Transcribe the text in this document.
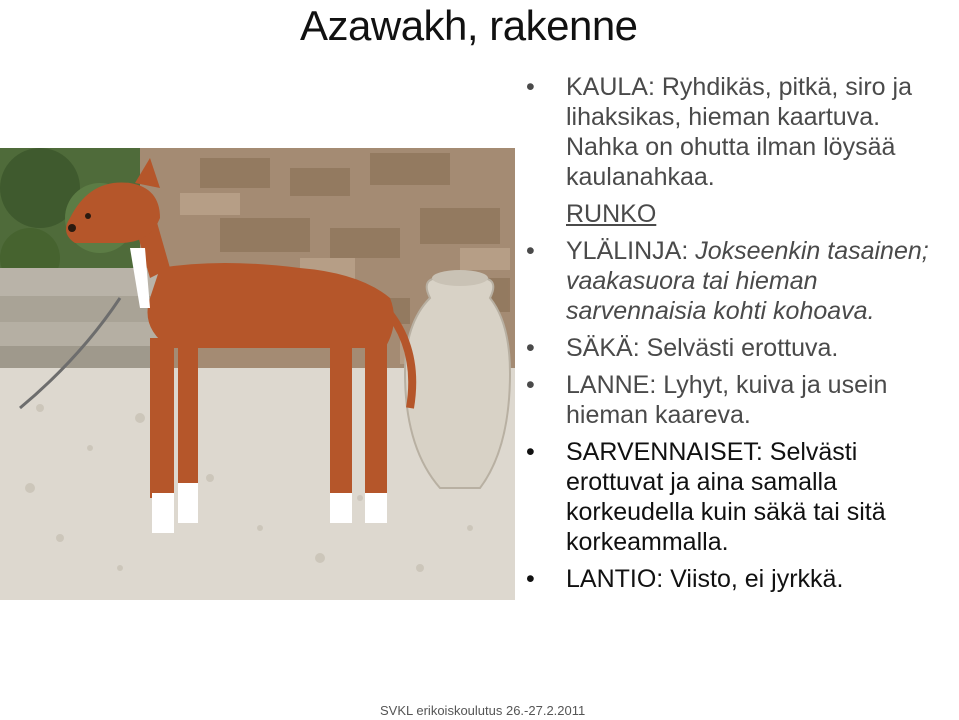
Azawakh, rakenne
• KAULA: Ryhdikäs, pitkä, siro ja lihaksikas, hieman kaartuva. Nahka on ohutta ilman löysää kaulanahkaa.
RUNKO
• YLÄLINJA: Jokseenkin tasainen; vaakasuora tai hieman sarvennaisia kohti kohoava.
• SÄKÄ: Selvästi erottuva.
• LANNE: Lyhyt, kuiva ja usein hieman kaareva.
• SARVENNAISET: Selvästi erottuvat ja aina samalla korkeudella kuin säkä tai sitä korkeammalla.
• LANTIO: Viisto, ei jyrkkä.
SVKL erikoiskoulutus 26.-27.2.2011
